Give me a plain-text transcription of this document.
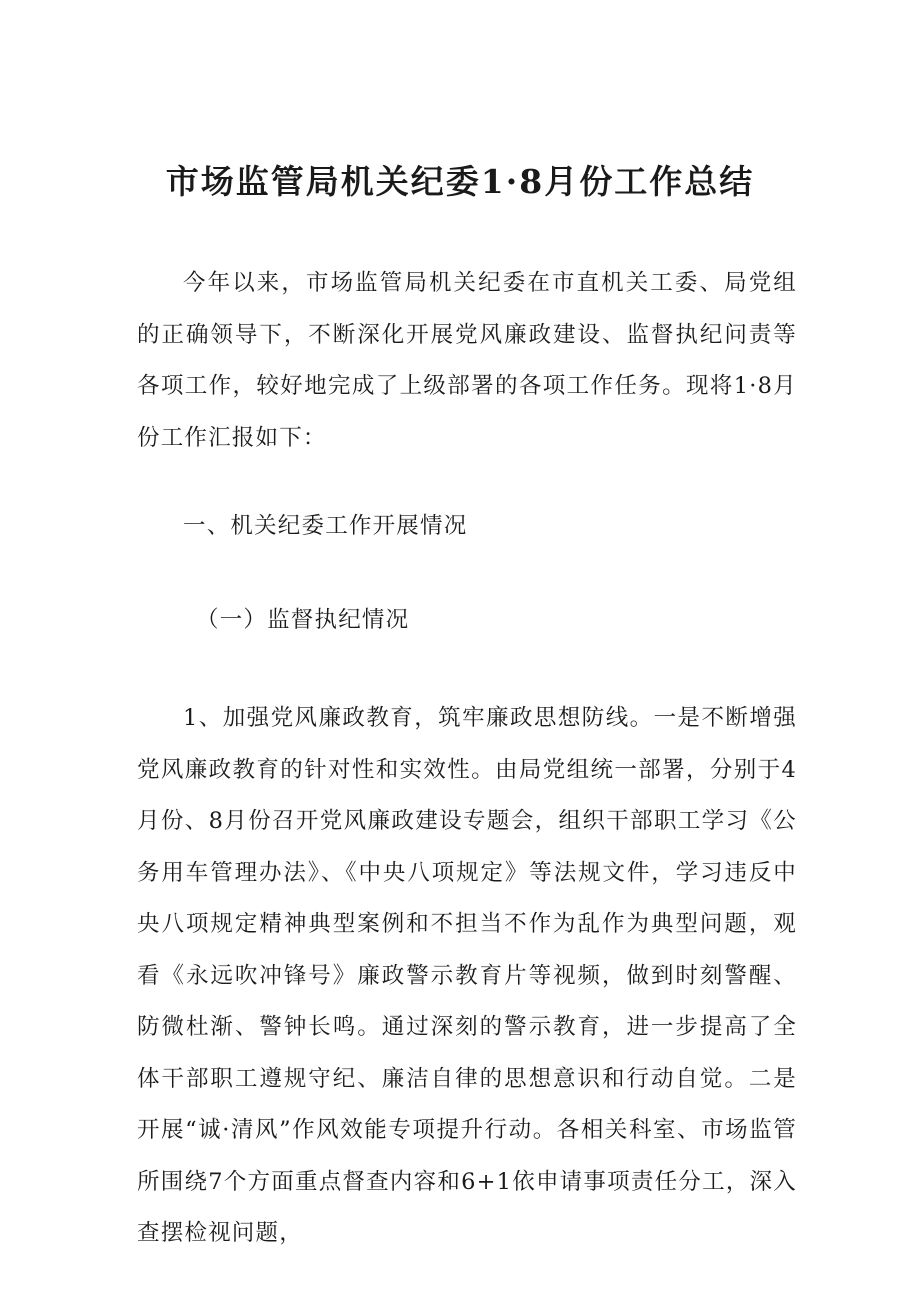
市场监管局机关纪委1·8月份工作总结

今年以来，市场监管局机关纪委在市直机关工委、局党组的正确领导下，不断深化开展党风廉政建设、监督执纪问责等各项工作，较好地完成了上级部署的各项工作任务。现将1·8月份工作汇报如下：

一、机关纪委工作开展情况

（一）监督执纪情况

1、加强党风廉政教育，筑牢廉政思想防线。一是不断增强党风廉政教育的针对性和实效性。由局党组统一部署，分别于4月份、8月份召开党风廉政建设专题会，组织干部职工学习《公务用车管理办法》、《中央八项规定》等法规文件，学习违反中央八项规定精神典型案例和不担当不作为乱作为典型问题，观看《永远吹冲锋号》廉政警示教育片等视频，做到时刻警醒、防微杜渐、警钟长鸣。通过深刻的警示教育，进一步提高了全体干部职工遵规守纪、廉洁自律的思想意识和行动自觉。二是开展“诚·清风”作风效能专项提升行动。各相关科室、市场监管所围绕7个方面重点督查内容和6+1依申请事项责任分工，深入查摆检视问题，
